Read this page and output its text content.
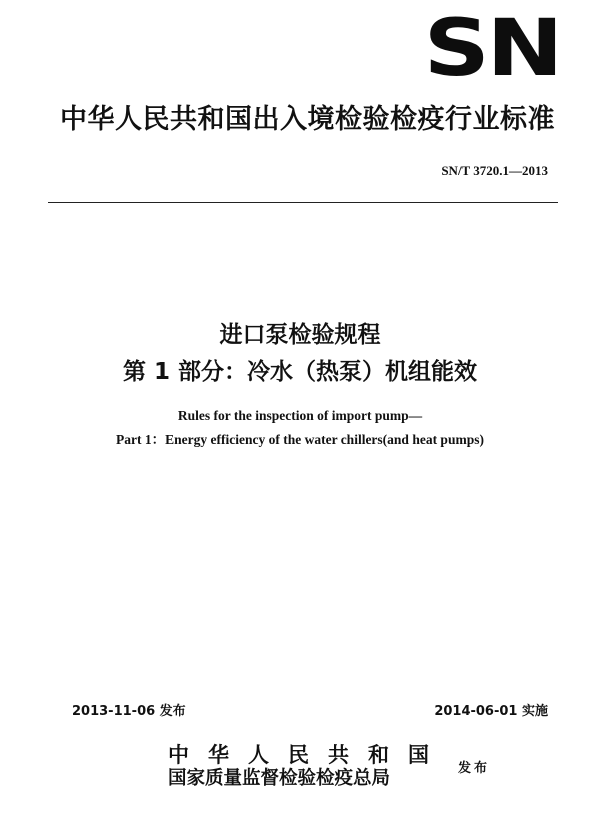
SN
中华人民共和国出入境检验检疫行业标准
SN/T 3720.1—2013
进口泵检验规程
第 1 部分：冷水（热泵）机组能效
Rules for the inspection of import pump—
Part 1：Energy efficiency of the water chillers(and heat pumps)
2013-11-06 发布	2014-06-01 实施
中华人民共和国
国家质量监督检验检疫总局	发布
